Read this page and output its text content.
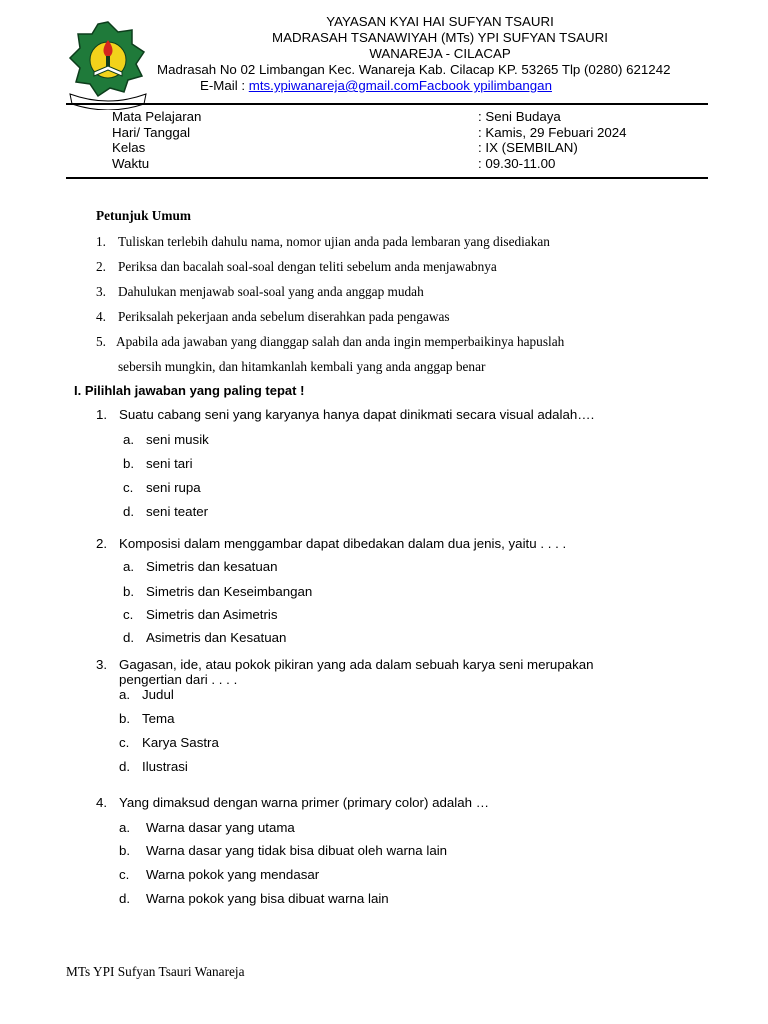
YAYASAN KYAI HAI SUFYAN TSAURI
MADRASAH TSANAWIYAH (MTs) YPI SUFYAN TSAURI
WANAREJA - CILACAP
Madrasah No 02 Limbangan Kec. Wanareja Kab. Cilacap KP. 53265 Tlp (0280) 621242
E-Mail : mts.ypiwanareja@gmail.comFacbook ypilimbangan
Mata Pelajaran	: Seni Budaya
Hari/ Tanggal	: Kamis, 29 Febuari 2024
Kelas	: IX (SEMBILAN)
Waktu	: 09.30-11.00
Petunjuk Umum
1. Tuliskan terlebih dahulu nama, nomor ujian anda pada lembaran yang disediakan
2. Periksa dan bacalah soal-soal dengan teliti sebelum anda menjawabnya
3. Dahulukan menjawab soal-soal yang anda anggap mudah
4. Periksalah pekerjaan anda sebelum diserahkan pada pengawas
5. Apabila ada jawaban yang dianggap salah dan anda ingin memperbaikinya hapuslah
sebersih mungkin, dan hitamkanlah kembali yang anda anggap benar
I. Pilihlah jawaban yang paling tepat !
1. Suatu cabang seni yang karyanya hanya dapat dinikmati secara visual adalah….
a. seni musik
b. seni tari
c. seni rupa
d. seni teater
2. Komposisi dalam menggambar dapat dibedakan dalam dua jenis, yaitu . . . .
a. Simetris dan kesatuan
b. Simetris dan Keseimbangan
c. Simetris dan Asimetris
d. Asimetris dan Kesatuan
3. Gagasan, ide, atau pokok pikiran yang ada dalam sebuah karya seni merupakan
pengertian dari . . . .
a. Judul
b. Tema
c. Karya Sastra
d. Ilustrasi
4. Yang dimaksud dengan warna primer (primary color) adalah …
a. Warna dasar yang utama
b. Warna dasar yang tidak bisa dibuat oleh warna lain
c. Warna pokok yang mendasar
d. Warna pokok yang bisa dibuat warna lain
MTs YPI Sufyan Tsauri Wanareja
